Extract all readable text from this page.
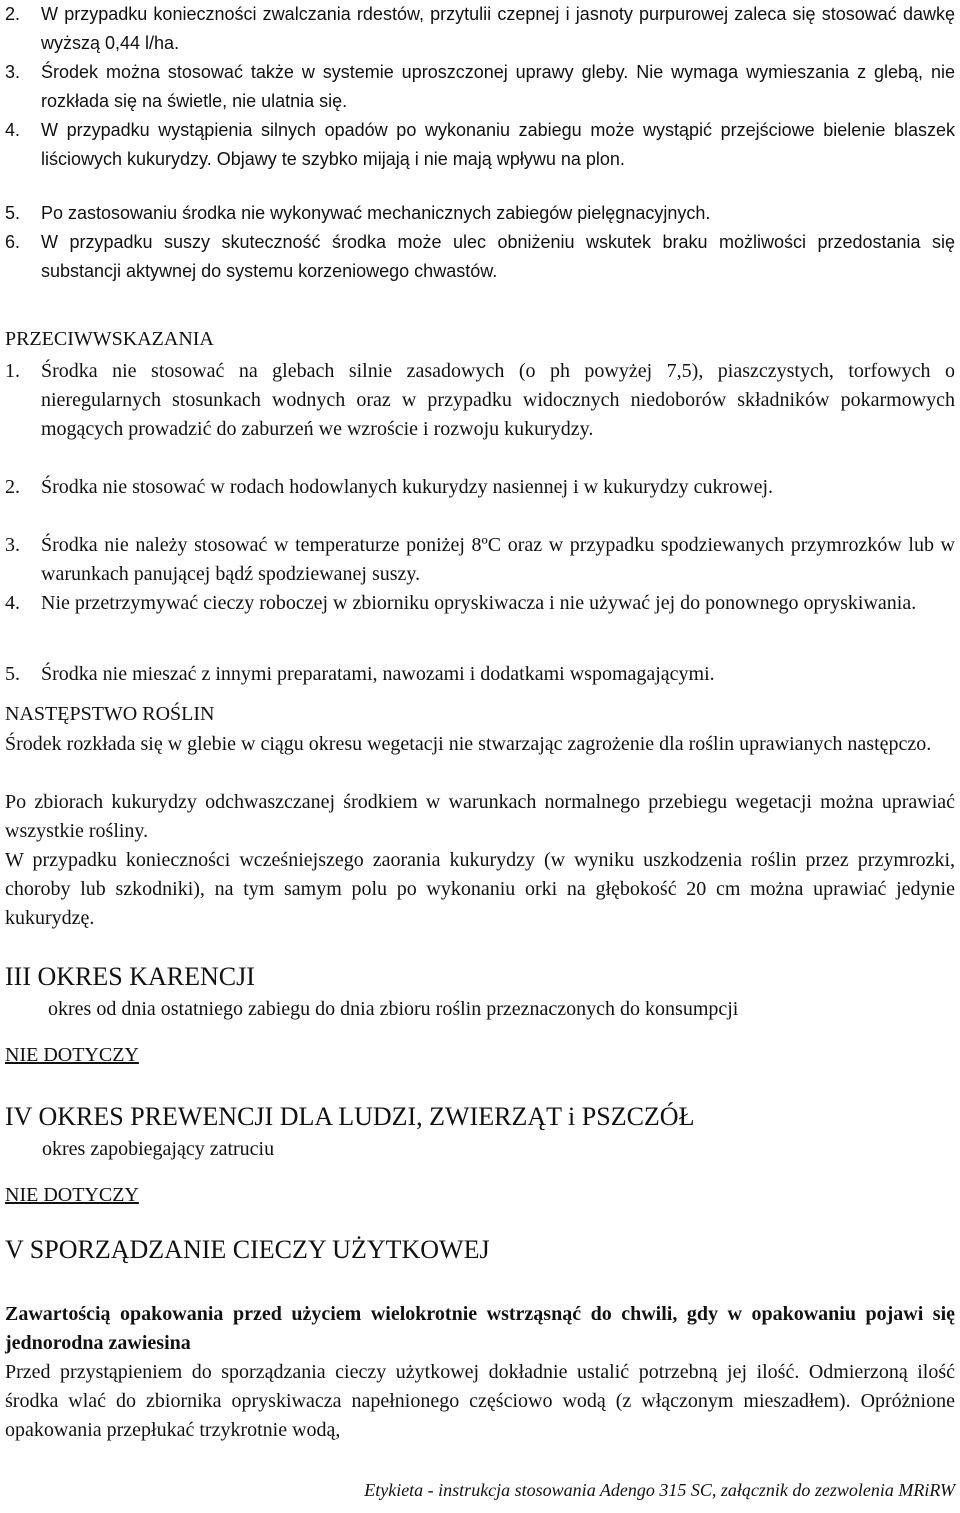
2.	W przypadku konieczności zwalczania rdestów, przytulii czepnej i jasnoty purpurowej zaleca się stosować dawkę wyższą 0,44 l/ha.
3.	Środek można stosować także w systemie uproszczonej uprawy gleby. Nie wymaga wymieszania z glebą, nie rozkłada się na świetle, nie ulatnia się.
4.	W przypadku wystąpienia silnych opadów po wykonaniu zabiegu może wystąpić przejściowe bielenie blaszek liściowych kukurydzy. Objawy te szybko mijają i nie mają wpływu na plon.
5.	Po zastosowaniu środka nie wykonywać mechanicznych zabiegów pielęgnacyjnych.
6.	W przypadku suszy skuteczność środka może ulec obniżeniu wskutek braku możliwości przedostania się substancji aktywnej do systemu korzeniowego chwastów.
PRZECIWWSKAZANIA
1.	Środka nie stosować na glebach silnie zasadowych (o ph powyżej 7,5), piaszczystych, torfowych o nieregularnych stosunkach wodnych oraz w przypadku widocznych niedoborów składników pokarmowych mogących prowadzić do zaburzeń we wzroście i rozwoju kukurydzy.
2.	Środka nie stosować w rodach hodowlanych kukurydzy nasiennej i w kukurydzy cukrowej.
3.	Środka nie należy stosować w temperaturze poniżej 8ºC oraz w przypadku spodziewanych przymrozków lub w warunkach panującej bądź spodziewanej suszy.
4.	Nie przetrzymywać cieczy roboczej w zbiorniku opryskiwacza i nie używać jej do ponownego opryskiwania.
5.	Środka nie mieszać z innymi preparatami, nawozami i dodatkami wspomagającymi.
NASTĘPSTWO ROŚLIN
Środek rozkłada się w glebie w ciągu okresu wegetacji nie stwarzając zagrożenie dla roślin uprawianych następczo.
Po zbiorach kukurydzy odchwaszczanej środkiem w warunkach normalnego przebiegu wegetacji można uprawiać wszystkie rośliny.
W przypadku konieczności wcześniejszego zaorania kukurydzy (w wyniku uszkodzenia roślin przez przymrozki, choroby lub szkodniki), na tym samym polu po wykonaniu orki na głębokość 20 cm można uprawiać jedynie kukurydzę.
III OKRES KARENCJI
okres od dnia ostatniego zabiegu do dnia zbioru roślin przeznaczonych do konsumpcji
NIE DOTYCZY
IV OKRES PREWENCJI DLA LUDZI, ZWIERZĄT i PSZCZÓŁ
okres zapobiegający zatruciu
NIE DOTYCZY
V SPORZĄDZANIE CIECZY UŻYTKOWEJ
Zawartością opakowania przed użyciem wielokrotnie wstrząsnąć do chwili, gdy w opakowaniu pojawi się jednorodna zawiesina
Przed przystąpieniem do sporządzania cieczy użytkowej dokładnie ustalić potrzebną jej ilość. Odmierzoną ilość środka wlać do zbiornika opryskiwacza napełnionego częściowo wodą (z włączonym mieszadłem). Opróżnione opakowania przepłukać trzykrotnie wodą,
Etykieta - instrukcja stosowania Adengo 315 SC, załącznik do zezwolenia MRiRW
